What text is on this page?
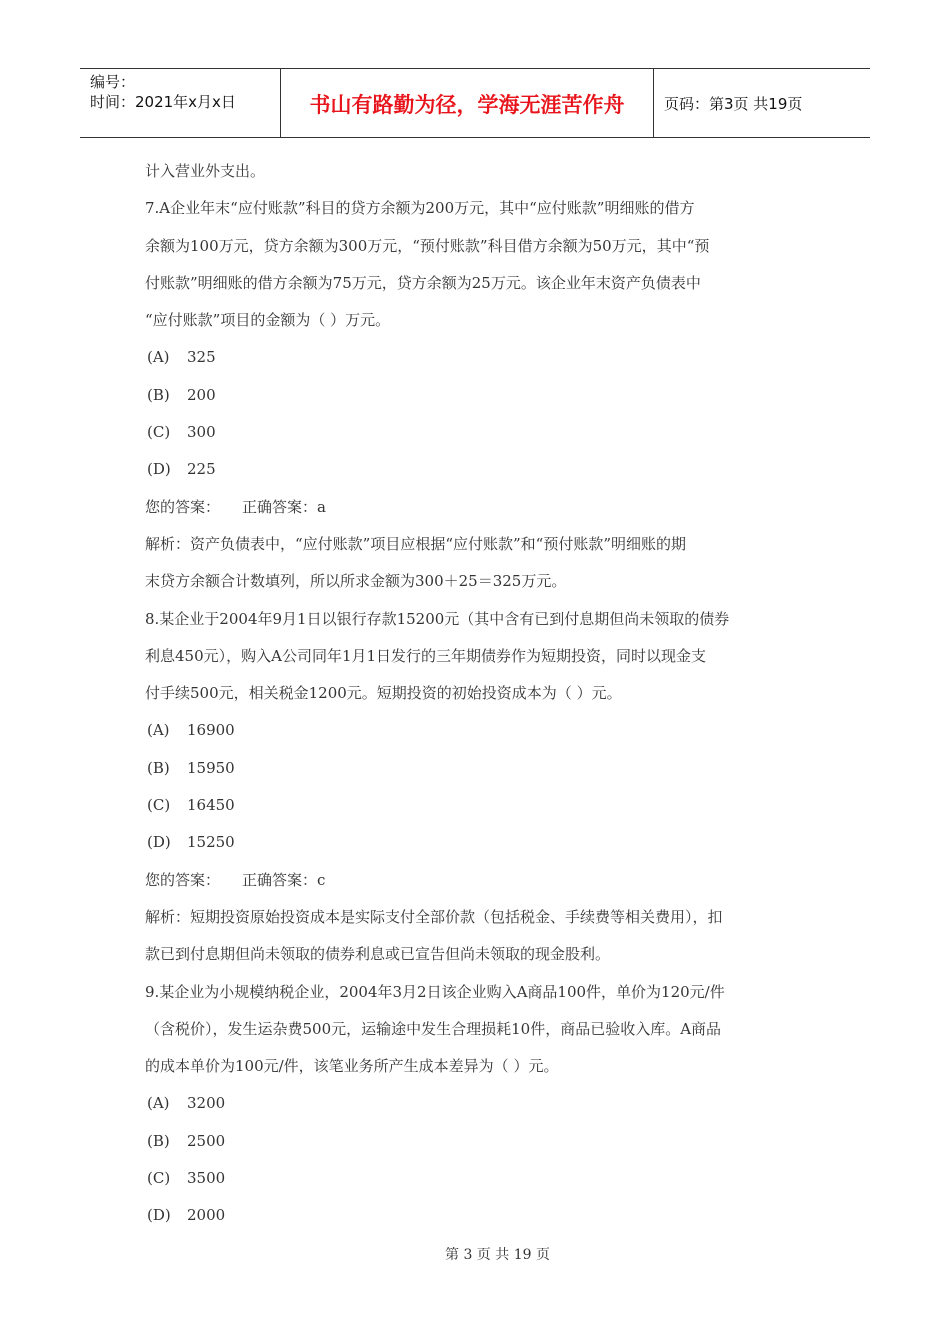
编号：
时间：2021年x月x日	书山有路勤为径，学海无涯苦作舟	页码：第3页 共19页
计入营业外支出。
7.A企业年末“应付账款”科目的贷方余额为200万元，其中“应付账款”明细账的借方
余额为100万元，贷方余额为300万元，“预付账款”科目借方余额为50万元，其中“预
付账款”明细账的借方余额为75万元，贷方余额为25万元。该企业年末资产负债表中
“应付账款”项目的金额为（ ）万元。
(A) 325
(B) 200
(C) 300
(D) 225
您的答案： 正确答案：a
解析：资产负债表中，“应付账款”项目应根据“应付账款”和“预付账款”明细账的期
末贷方余额合计数填列，所以所求金额为300＋25＝325万元。
8.某企业于2004年9月1日以银行存款15200元（其中含有已到付息期但尚未领取的债券
利息450元），购入A公司同年1月1日发行的三年期债券作为短期投资，同时以现金支
付手续500元，相关税金1200元。短期投资的初始投资成本为（ ）元。
(A) 16900
(B) 15950
(C) 16450
(D) 15250
您的答案： 正确答案：c
解析：短期投资原始投资成本是实际支付全部价款（包括税金、手续费等相关费用），扣
款已到付息期但尚未领取的债券利息或已宣告但尚未领取的现金股利。
9.某企业为小规模纳税企业，2004年3月2日该企业购入A商品100件，单价为120元/件
（含税价），发生运杂费500元，运输途中发生合理损耗10件，商品已验收入库。A商品
的成本单价为100元/件，该笔业务所产生成本差异为（ ）元。
(A) 3200
(B) 2500
(C) 3500
(D) 2000
第 3 页 共 19 页
